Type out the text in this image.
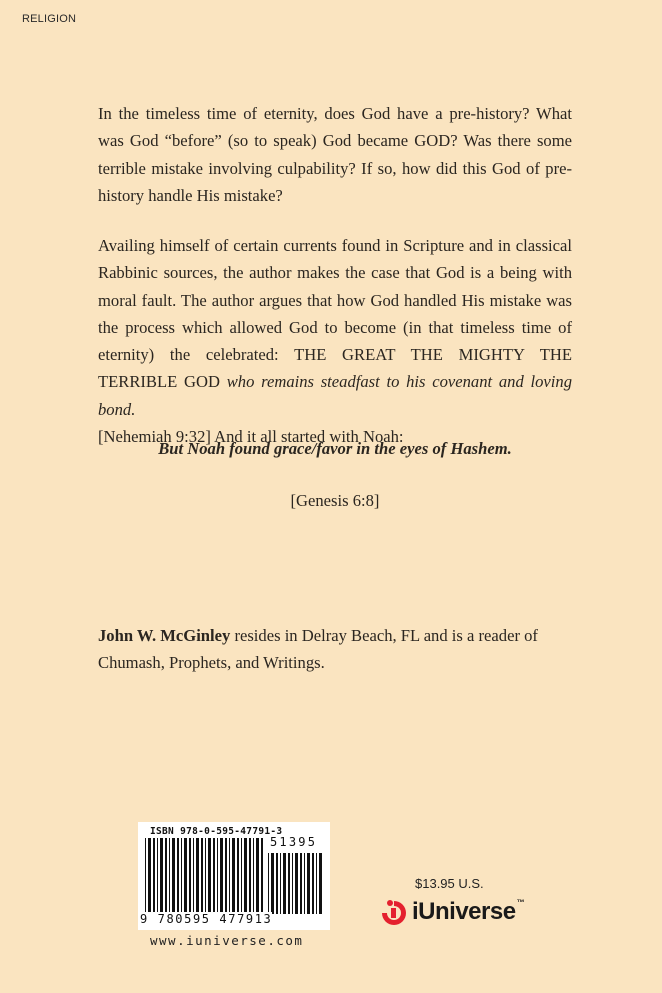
RELIGION
In the timeless time of eternity, does God have a pre-history? What
was God “before” (so to speak) God became GOD? Was there some
terrible mistake involving culpability? If so, how did this God of pre-
history handle His mistake?
Availing himself of certain currents found in Scripture and in classical
Rabbinic sources, the author makes the case that God is a being with
moral fault. The author argues that how God handled His mistake was
the process which allowed God to become (in that timeless time of
eternity) the celebrated: THE GREAT THE MIGHTY THE
TERRIBLE GOD who remains steadfast to his covenant and loving bond.
[Nehemiah 9:32] And it all started with Noah:
But Noah found grace/favor in the eyes of Hashem.
[Genesis 6:8]
John W. McGinley resides in Delray Beach, FL and is a reader of
Chumash, Prophets, and Writings.
ISBN 978-0-595-47791-3
51395
9 780595 477913
www.iuniverse.com
$13.95 U.S.
iUniverse™
